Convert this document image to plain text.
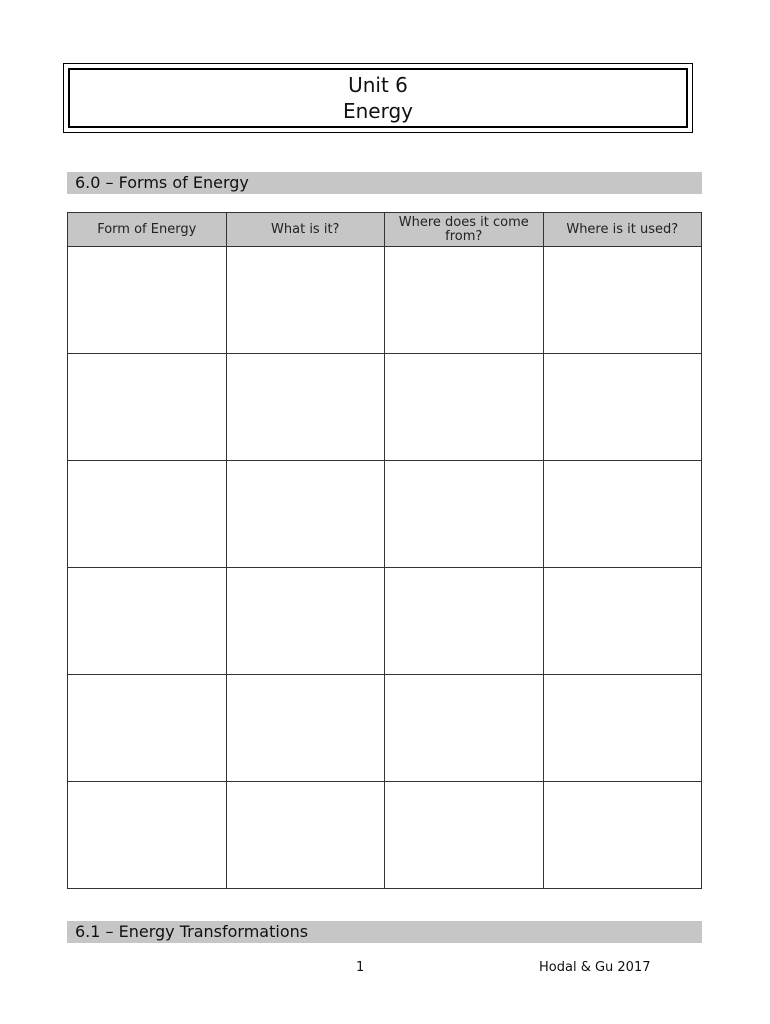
Unit 6
Energy
6.0 – Forms of Energy
Form of Energy	What is it?	Where does it come from?	Where is it used?

6.1 – Energy Transformations
1	Hodal & Gu 2017
